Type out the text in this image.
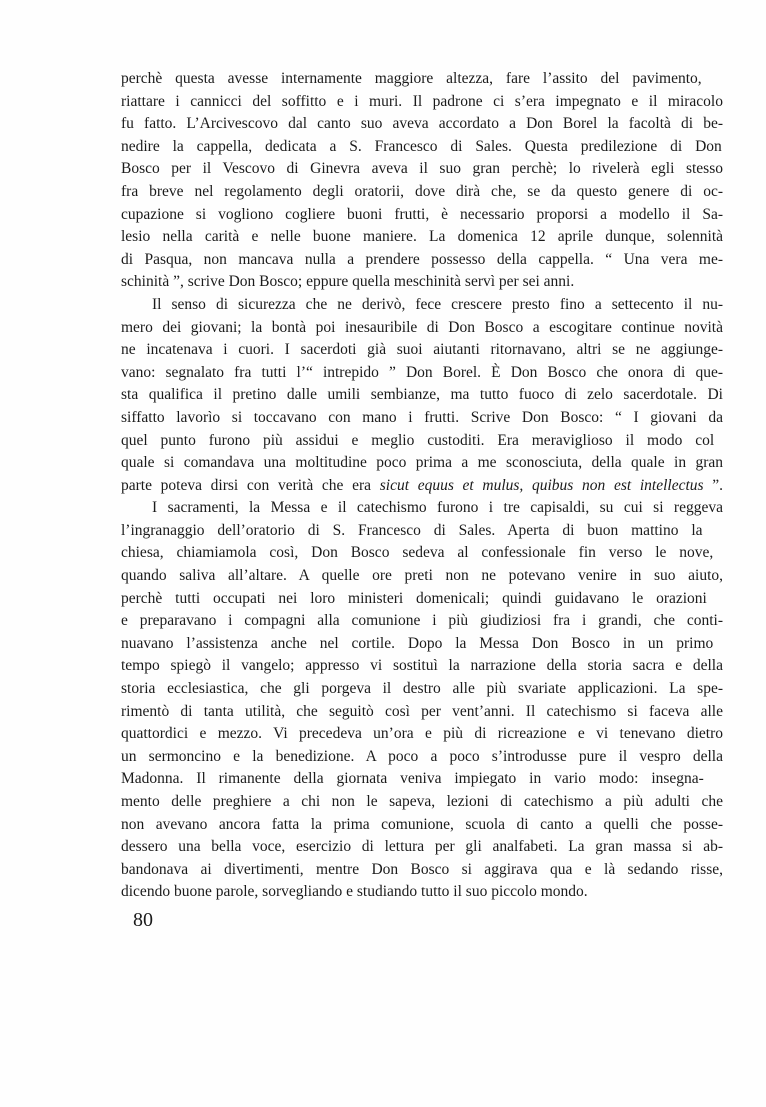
perchè questa avesse internamente maggiore altezza, fare l’assito del pavimento,
riattare i cannicci del soffitto e i muri. Il padrone ci s’era impegnato e il miracolo
fu fatto. L’Arcivescovo dal canto suo aveva accordato a Don Borel la facoltà di be-
nedire la cappella, dedicata a S. Francesco di Sales. Questa predilezione di Don
Bosco per il Vescovo di Ginevra aveva il suo gran perchè; lo rivelerà egli stesso
fra breve nel regolamento degli oratorii, dove dirà che, se da questo genere di oc-
cupazione si vogliono cogliere buoni frutti, è necessario proporsi a modello il Sa-
lesio nella carità e nelle buone maniere. La domenica 12 aprile dunque, solennità
di Pasqua, non mancava nulla a prendere possesso della cappella. “ Una vera me-
schinità ”, scrive Don Bosco; eppure quella meschinità servì per sei anni.
Il senso di sicurezza che ne derivò, fece crescere presto fino a settecento il nu-
mero dei giovani; la bontà poi inesauribile di Don Bosco a escogitare continue novità
ne incatenava i cuori. I sacerdoti già suoi aiutanti ritornavano, altri se ne aggiunge-
vano: segnalato fra tutti l’“ intrepido ” Don Borel. È Don Bosco che onora di que-
sta qualifica il pretino dalle umili sembianze, ma tutto fuoco di zelo sacerdotale. Di
siffatto lavorìo si toccavano con mano i frutti. Scrive Don Bosco: “ I giovani da
quel punto furono più assidui e meglio custoditi. Era meraviglioso il modo col
quale si comandava una moltitudine poco prima a me sconosciuta, della quale in gran
parte poteva dirsi con verità che era sicut equus et mulus, quibus non est intellectus ”.
I sacramenti, la Messa e il catechismo furono i tre capisaldi, su cui si reggeva
l’ingranaggio dell’oratorio di S. Francesco di Sales. Aperta di buon mattino la
chiesa, chiamiamola così, Don Bosco sedeva al confessionale fin verso le nove,
quando saliva all’altare. A quelle ore preti non ne potevano venire in suo aiuto,
perchè tutti occupati nei loro ministeri domenicali; quindi guidavano le orazioni
e preparavano i compagni alla comunione i più giudiziosi fra i grandi, che conti-
nuavano l’assistenza anche nel cortile. Dopo la Messa Don Bosco in un primo
tempo spiegò il vangelo; appresso vi sostituì la narrazione della storia sacra e della
storia ecclesiastica, che gli porgeva il destro alle più svariate applicazioni. La spe-
rimentò di tanta utilità, che seguitò così per vent’anni. Il catechismo si faceva alle
quattordici e mezzo. Vi precedeva un’ora e più di ricreazione e vi tenevano dietro
un sermoncino e la benedizione. A poco a poco s’introdusse pure il vespro della
Madonna. Il rimanente della giornata veniva impiegato in vario modo: insegna-
mento delle preghiere a chi non le sapeva, lezioni di catechismo a più adulti che
non avevano ancora fatta la prima comunione, scuola di canto a quelli che posse-
dessero una bella voce, esercizio di lettura per gli analfabeti. La gran massa si ab-
bandonava ai divertimenti, mentre Don Bosco si aggirava qua e là sedando risse,
dicendo buone parole, sorvegliando e studiando tutto il suo piccolo mondo.
80
